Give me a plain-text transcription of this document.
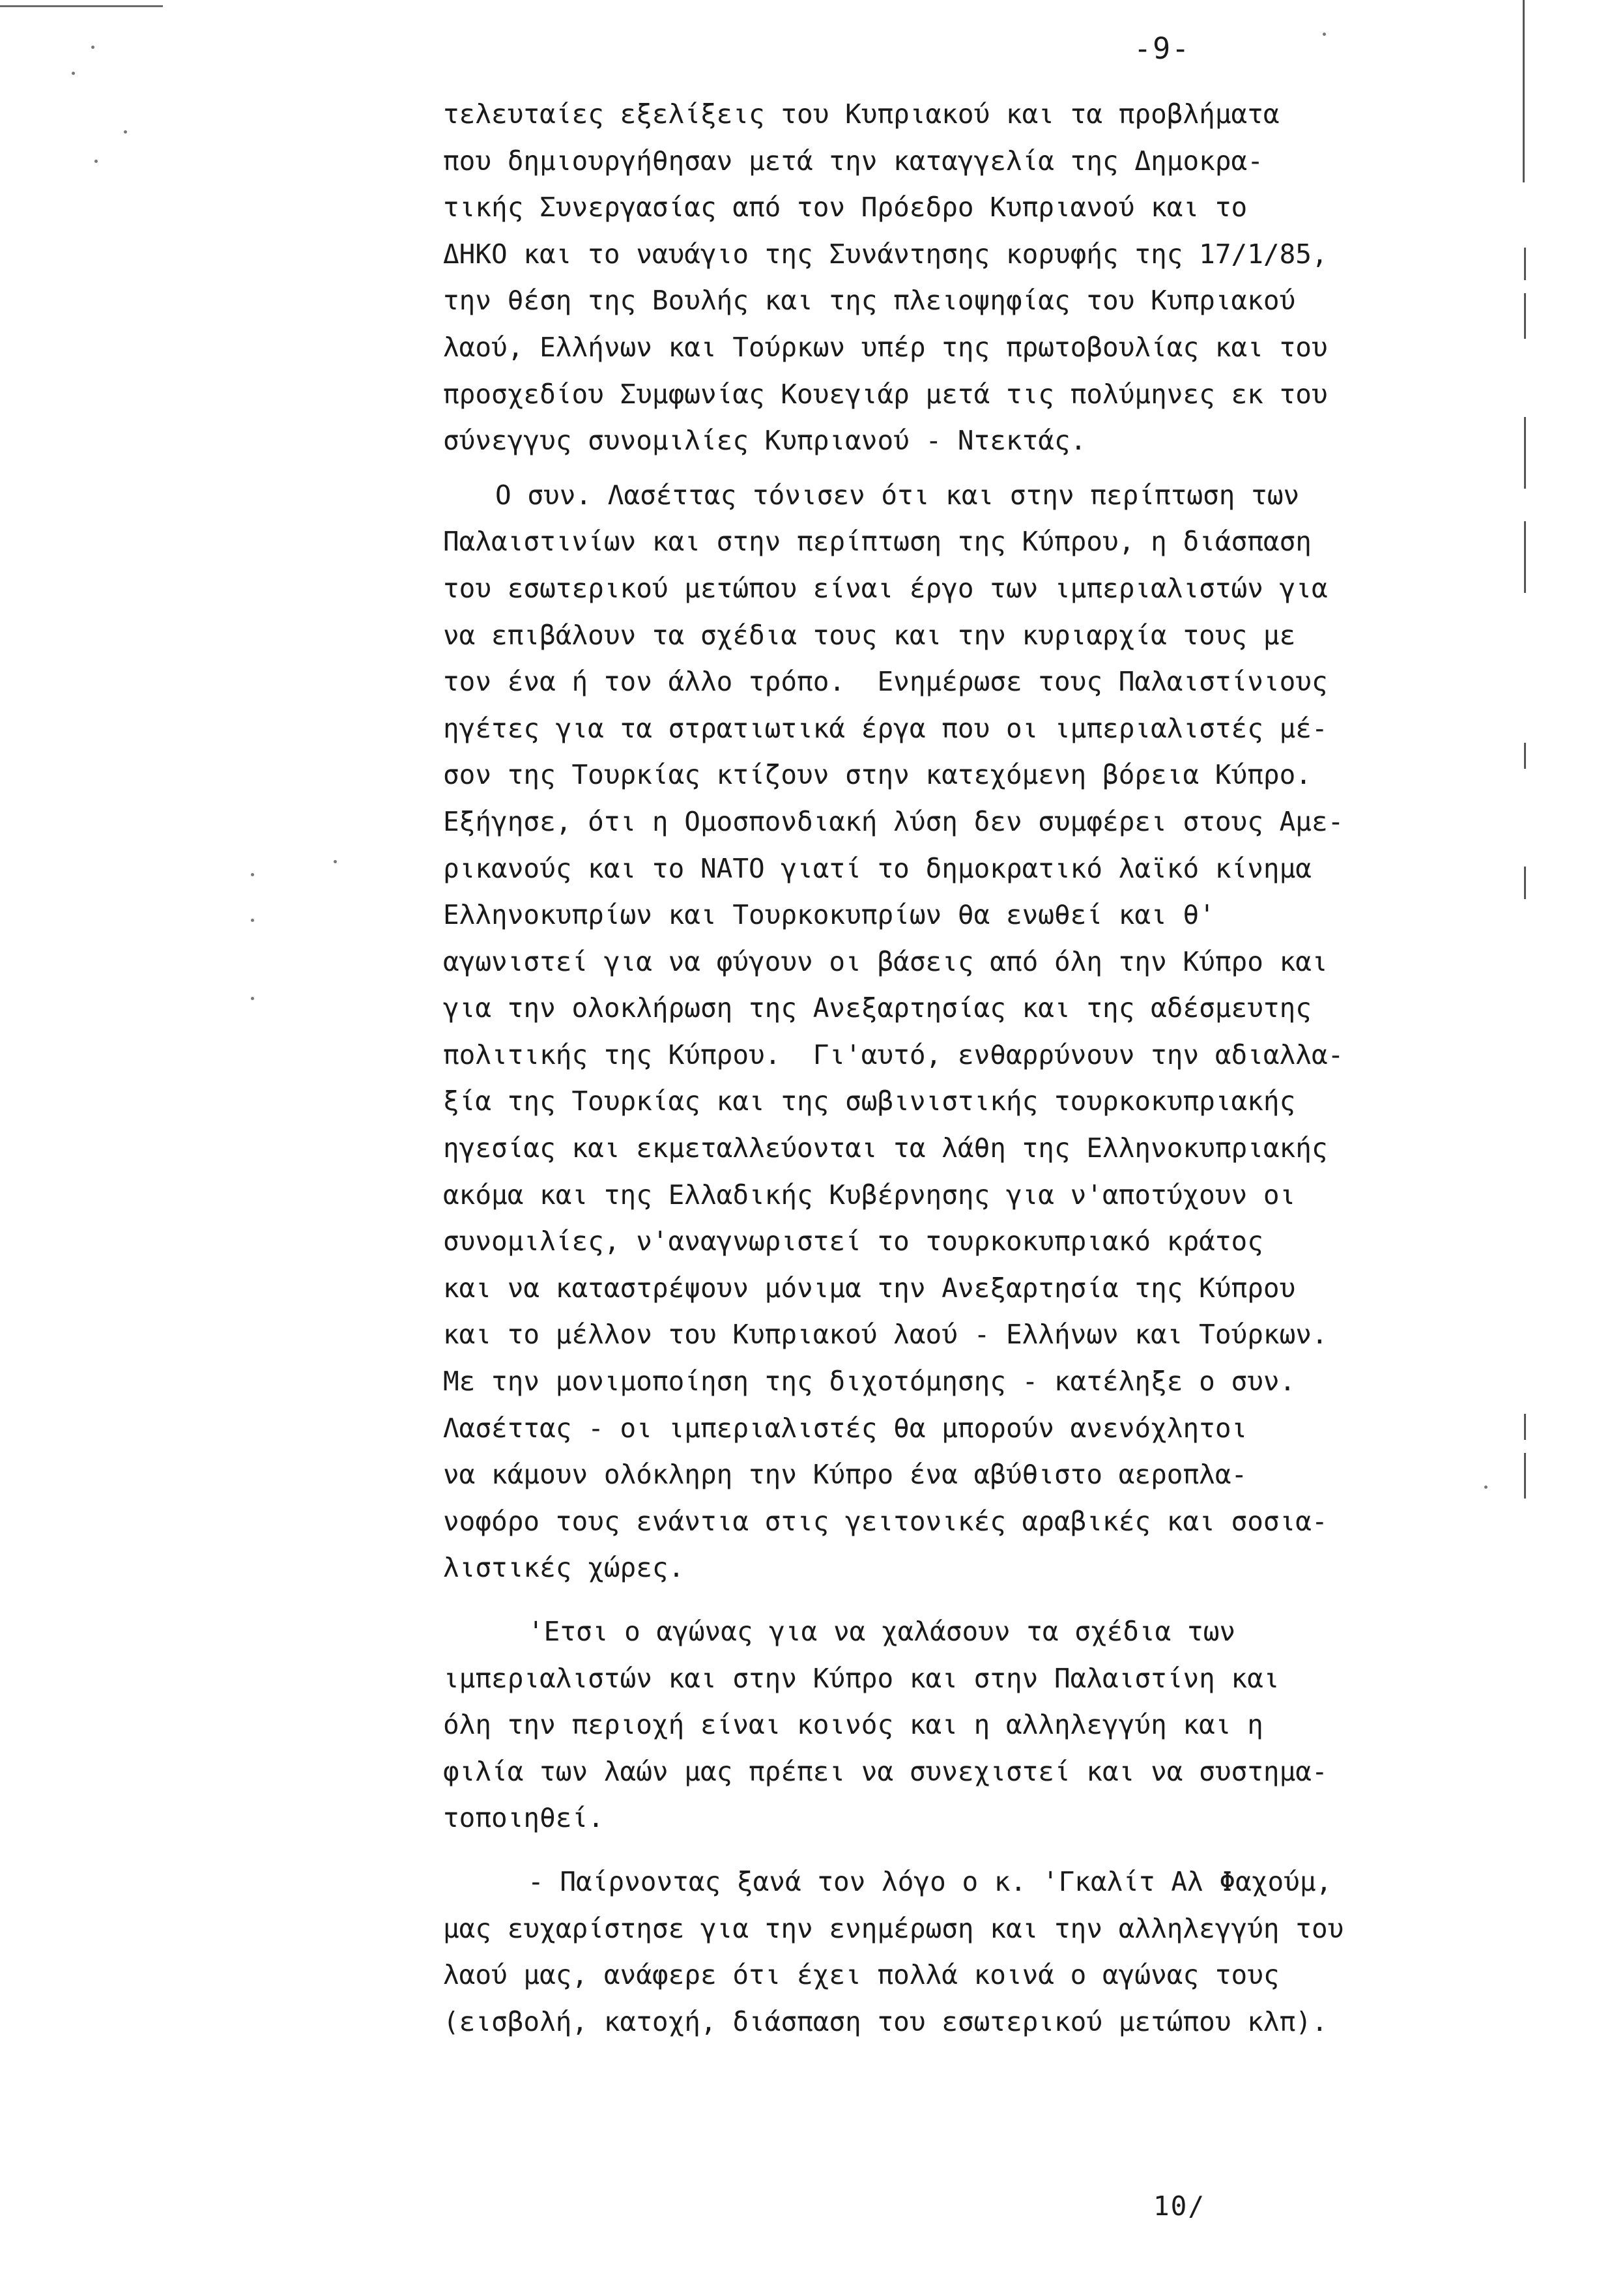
-9-
τελευταίες εξελίξεις του Κυπριακού και τα προβλήματα
που δημιουργήθησαν μετά την καταγγελία της Δημοκρα-
τικής Συνεργασίας από τον Πρόεδρο Κυπριανού και το
ΔΗΚΟ και το ναυάγιο της Συνάντησης κορυφής της 17/1/85,
την θέση της Βουλής και της πλειοψηφίας του Κυπριακού
λαού, Ελλήνων και Τούρκων υπέρ της πρωτοβουλίας και του
προσχεδίου Συμφωνίας Κουεγιάρ μετά τις πολύμηνες εκ του
σύνεγγυς συνομιλίες Κυπριανού - Ντεκτάς.
Ο συν. Λασέττας τόνισεν ότι και στην περίπτωση των
Παλαιστινίων και στην περίπτωση της Κύπρου, η διάσπαση
του εσωτερικού μετώπου είναι έργο των ιμπεριαλιστών για
να επιβάλουν τα σχέδια τους και την κυριαρχία τους με
τον ένα ή τον άλλο τρόπο.  Ενημέρωσε τους Παλαιστίνιους
ηγέτες για τα στρατιωτικά έργα που οι ιμπεριαλιστές μέ-
σον της Τουρκίας κτίζουν στην κατεχόμενη βόρεια Κύπρο.
Εξήγησε, ότι η Ομοσπονδιακή λύση δεν συμφέρει στους Αμε-
ρικανούς και το ΝΑΤΟ γιατί το δημοκρατικό λαϊκό κίνημα
Ελληνοκυπρίων και Τουρκοκυπρίων θα ενωθεί και θ'
αγωνιστεί για να φύγουν οι βάσεις από όλη την Κύπρο και
για την ολοκλήρωση της Ανεξαρτησίας και της αδέσμευτης
πολιτικής της Κύπρου.  Γι'αυτό, ενθαρρύνουν την αδιαλλα-
ξία της Τουρκίας και της σωβινιστικής τουρκοκυπριακής
ηγεσίας και εκμεταλλεύονται τα λάθη της Ελληνοκυπριακής
ακόμα και της Ελλαδικής Κυβέρνησης για ν'αποτύχουν οι
συνομιλίες, ν'αναγνωριστεί το τουρκοκυπριακό κράτος
και να καταστρέψουν μόνιμα την Ανεξαρτησία της Κύπρου
και το μέλλον του Κυπριακού λαού - Ελλήνων και Τούρκων.
Με την μονιμοποίηση της διχοτόμησης - κατέληξε ο συν.
Λασέττας - οι ιμπεριαλιστές θα μπορούν ανενόχλητοι
να κάμουν ολόκληρη την Κύπρο ένα αβύθιστο αεροπλα-
νοφόρο τους ενάντια στις γειτονικές αραβικές και σοσια-
λιστικές χώρες.
'Ετσι ο αγώνας για να χαλάσουν τα σχέδια των
ιμπεριαλιστών και στην Κύπρο και στην Παλαιστίνη και
όλη την περιοχή είναι κοινός και η αλληλεγγύη και η
φιλία των λαών μας πρέπει να συνεχιστεί και να συστημα-
τοποιηθεί.
- Παίρνοντας ξανά τον λόγο ο κ. 'Γκαλίτ Αλ Φαχούμ,
μας ευχαρίστησε για την ενημέρωση και την αλληλεγγύη του
λαού μας, ανάφερε ότι έχει πολλά κοινά ο αγώνας τους
(εισβολή, κατοχή, διάσπαση του εσωτερικού μετώπου κλπ).
10/
